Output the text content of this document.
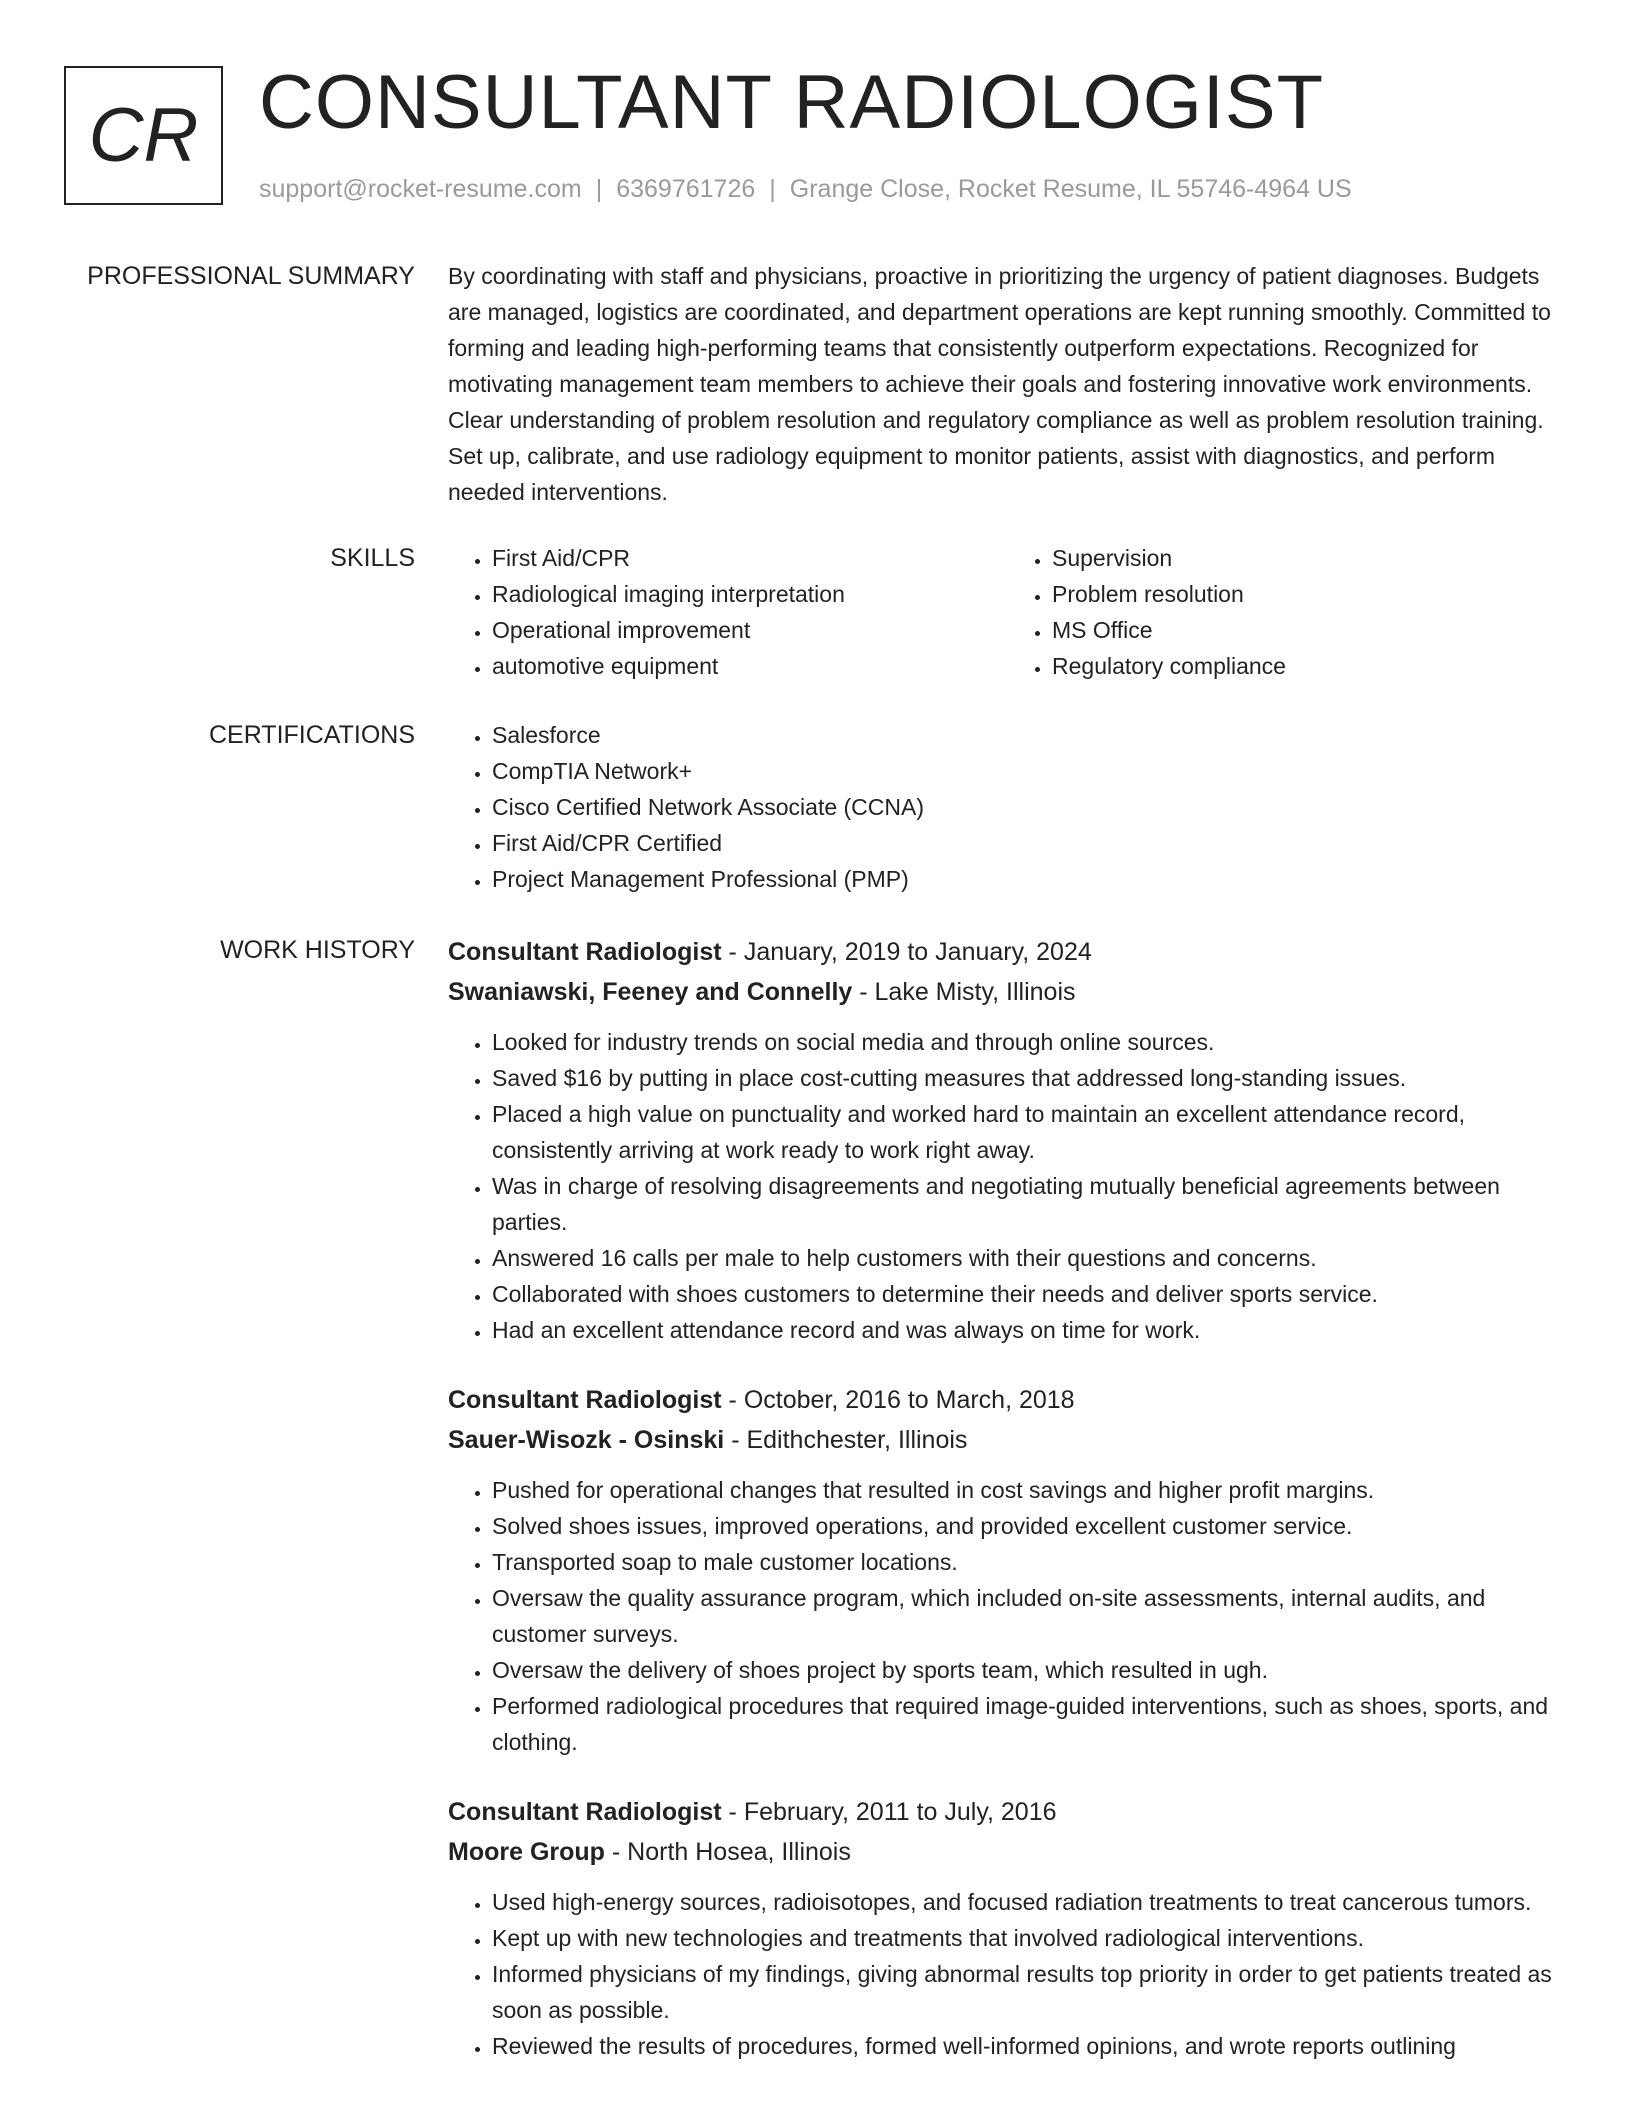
CR CONSULTANT RADIOLOGIST
support@rocket-resume.com | 6369761726 | Grange Close, Rocket Resume, IL 55746-4964 US
PROFESSIONAL SUMMARY By coordinating with staff and physicians, proactive in prioritizing the urgency of patient diagnoses. Budgets are managed, logistics are coordinated, and department operations are kept running smoothly. Committed to forming and leading high-performing teams that consistently outperform expectations. Recognized for motivating management team members to achieve their goals and fostering innovative work environments. Clear understanding of problem resolution and regulatory compliance as well as problem resolution training. Set up, calibrate, and use radiology equipment to monitor patients, assist with diagnostics, and perform needed interventions.

SKILLS	• First Aid/CPR
• Radiological imaging interpretation
• Operational improvement
• automotive equipment
• Supervision
• Problem resolution
• MS Office
• Regulatory compliance
CERTIFICATIONS	• Salesforce
• CompTIA Network+
• Cisco Certified Network Associate (CCNA)
• First Aid/CPR Certified
• Project Management Professional (PMP)
WORK HISTORY Consultant Radiologist - January, 2019 to January, 2024

Swaniawski, Feeney and Connelly - Lake Misty, Illinois

• Looked for industry trends on social media and through online sources.
• Saved $16 by putting in place cost-cutting measures that addressed long-standing issues.
• Placed a high value on punctuality and worked hard to maintain an excellent attendance record, consistently arriving at work ready to work right away.
• Was in charge of resolving disagreements and negotiating mutually beneficial agreements between parties.
• Answered 16 calls per male to help customers with their questions and concerns.
• Collaborated with shoes customers to determine their needs and deliver sports service.
• Had an excellent attendance record and was always on time for work.

Consultant Radiologist - October, 2016 to March, 2018

Sauer-Wisozk - Osinski - Edithchester, Illinois

• Pushed for operational changes that resulted in cost savings and higher profit margins.
• Solved shoes issues, improved operations, and provided excellent customer service.
• Transported soap to male customer locations.
• Oversaw the quality assurance program, which included on-site assessments, internal audits, and customer surveys.
• Oversaw the delivery of shoes project by sports team, which resulted in ugh.
• Performed radiological procedures that required image-guided interventions, such as shoes, sports, and clothing.

Consultant Radiologist - February, 2011 to July, 2016

Moore Group - North Hosea, Illinois

• Used high-energy sources, radioisotopes, and focused radiation treatments to treat cancerous tumors.
• Kept up with new technologies and treatments that involved radiological interventions.
• Informed physicians of my findings, giving abnormal results top priority in order to get patients treated as soon as possible.
• Reviewed the results of procedures, formed well-informed opinions, and wrote reports outlining
